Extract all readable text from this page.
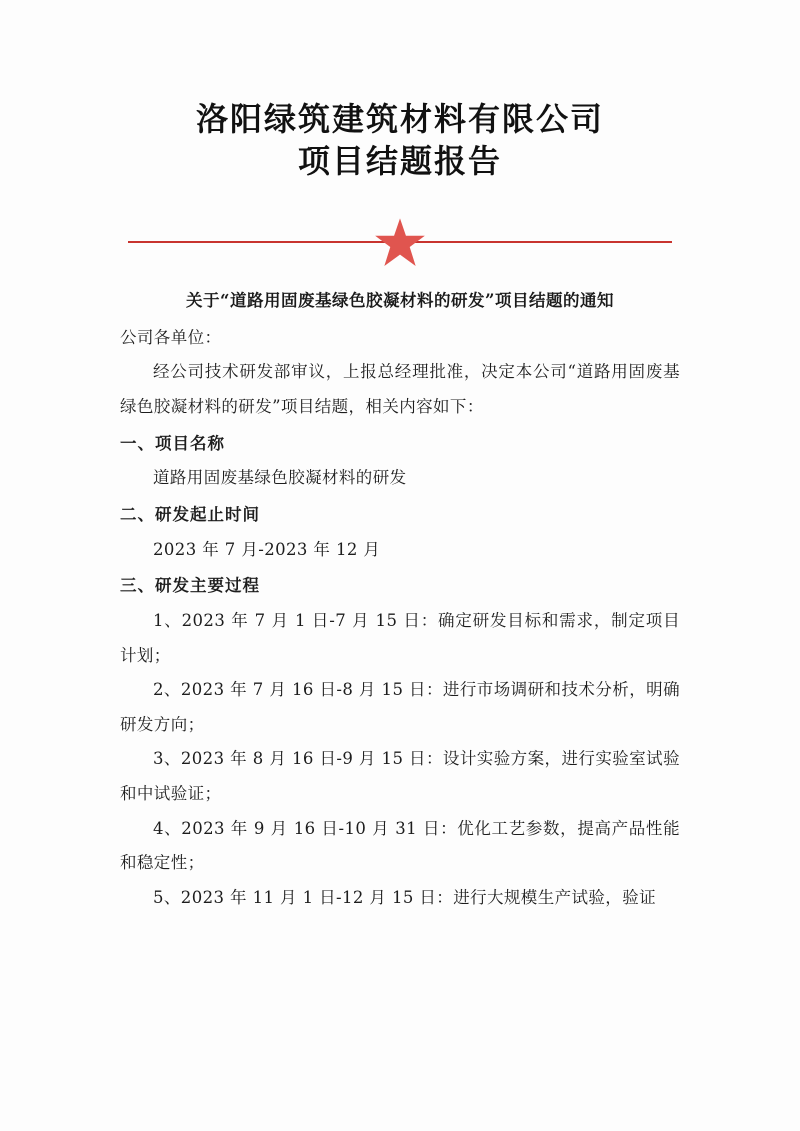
洛阳绿筑建筑材料有限公司
项目结题报告
关于“道路用固废基绿色胶凝材料的研发”项目结题的通知

公司各单位：

经公司技术研发部审议，上报总经理批准，决定本公司“道路用固废基绿色胶凝材料的研发”项目结题，相关内容如下：

一、项目名称

道路用固废基绿色胶凝材料的研发

二、研发起止时间

2023 年 7 月-2023 年 12 月

三、研发主要过程

1、2023 年 7 月 1 日-7 月 15 日：确定研发目标和需求，制定项目计划；

2、2023 年 7 月 16 日-8 月 15 日：进行市场调研和技术分析，明确研发方向；

3、2023 年 8 月 16 日-9 月 15 日：设计实验方案，进行实验室试验和中试验证；

4、2023 年 9 月 16 日-10 月 31 日：优化工艺参数，提高产品性能和稳定性；

5、2023 年 11 月 1 日-12 月 15 日：进行大规模生产试验，验证
